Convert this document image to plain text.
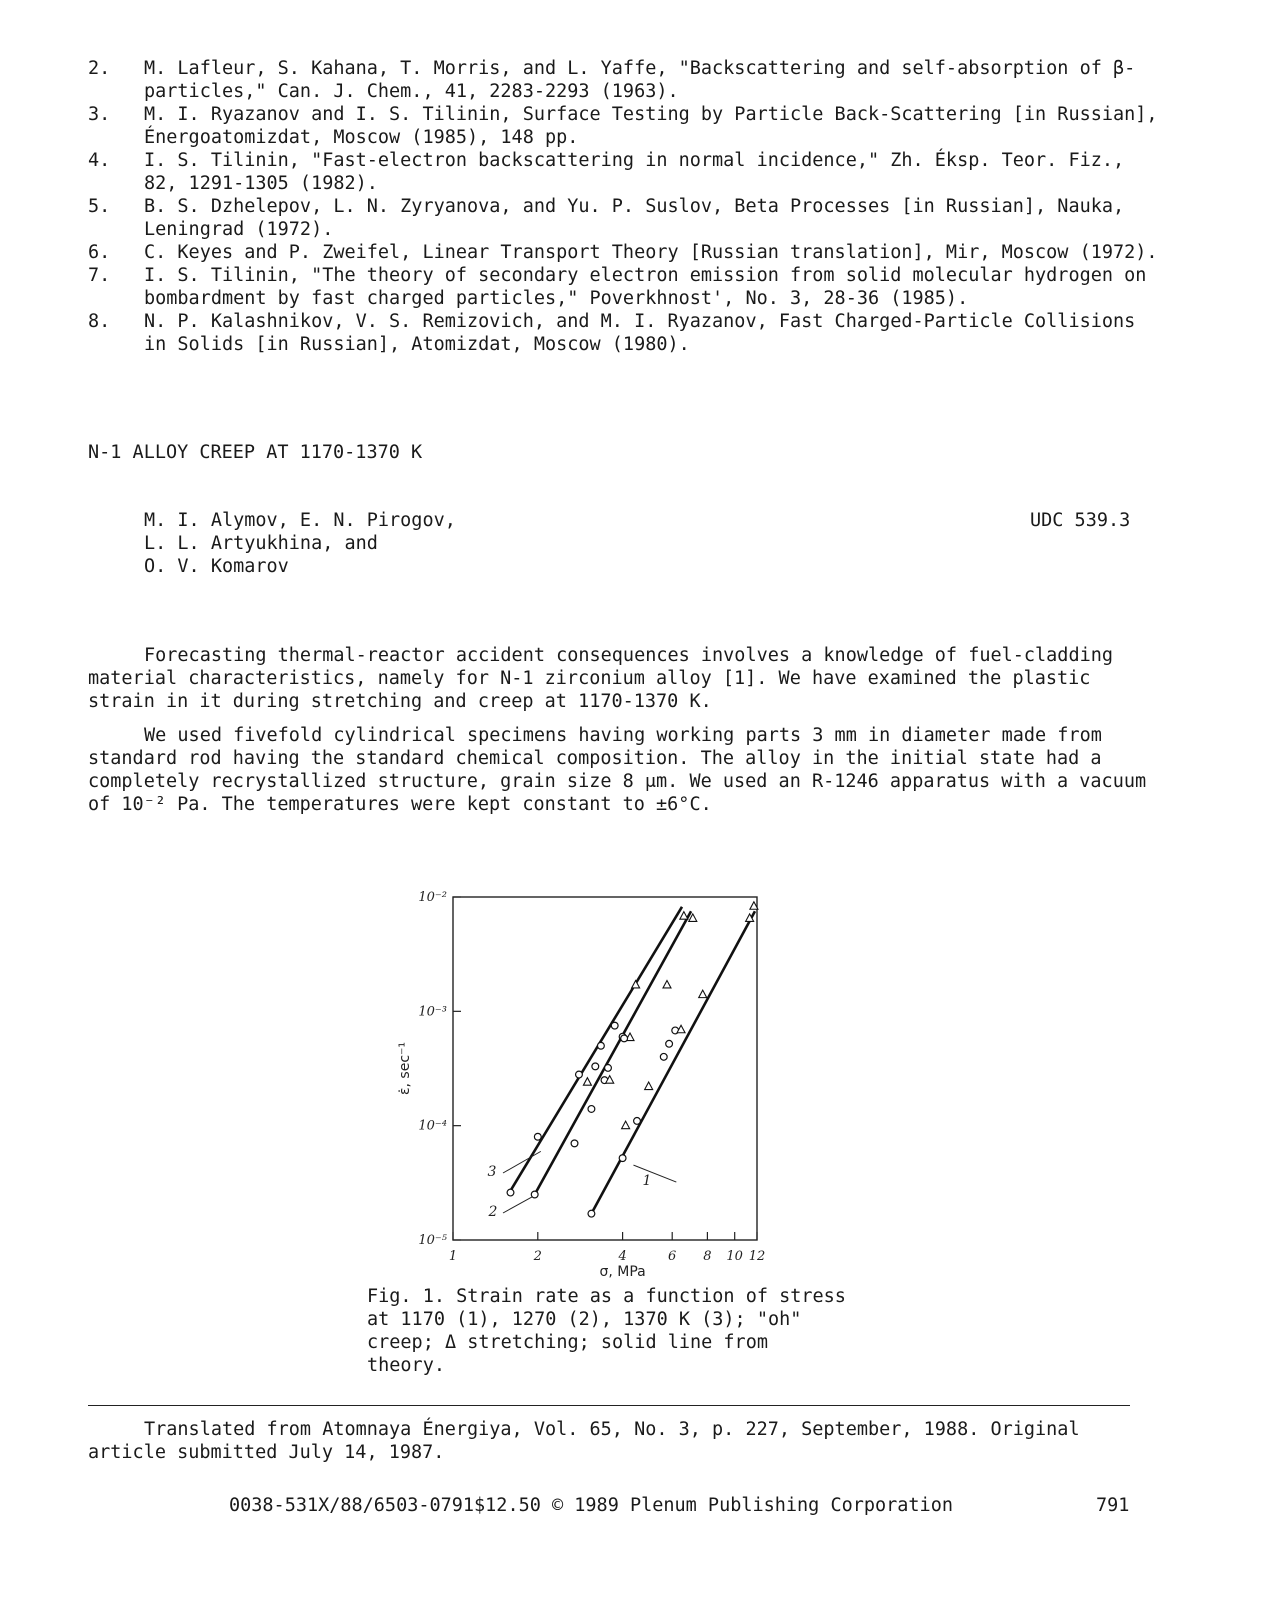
2.	M. Lafleur, S. Kahana, T. Morris, and L. Yaffe, "Backscattering and self-absorption of β-particles," Can. J. Chem., 41, 2283-2293 (1963).
3.	M. I. Ryazanov and I. S. Tilinin, Surface Testing by Particle Back-Scattering [in Russian], Énergoatomizdat, Moscow (1985), 148 pp.
4.	I. S. Tilinin, "Fast-electron backscattering in normal incidence," Zh. Éksp. Teor. Fiz., 82, 1291-1305 (1982).
5.	B. S. Dzhelepov, L. N. Zyryanova, and Yu. P. Suslov, Beta Processes [in Russian], Nauka, Leningrad (1972).
6.	C. Keyes and P. Zweifel, Linear Transport Theory [Russian translation], Mir, Moscow (1972).
7.	I. S. Tilinin, "The theory of secondary electron emission from solid molecular hydrogen on bombardment by fast charged particles," Poverkhnost', No. 3, 28-36 (1985).
8.	N. P. Kalashnikov, V. S. Remizovich, and M. I. Ryazanov, Fast Charged-Particle Collisions in Solids [in Russian], Atomizdat, Moscow (1980).
N-1 ALLOY CREEP AT 1170-1370 K
M. I. Alymov, E. N. Pirogov,
L. L. Artyukhina, and
O. V. Komarov
UDC 539.3

Forecasting thermal-reactor accident consequences involves a knowledge of fuel-cladding material characteristics, namely for N-1 zirconium alloy [1]. We have examined the plastic strain in it during stretching and creep at 1170-1370 K.

We used fivefold cylindrical specimens having working parts 3 mm in diameter made from standard rod having the standard chemical composition. The alloy in the initial state had a completely recrystallized structure, grain size 8 μm. We used an R-1246 apparatus with a vacuum of 10⁻² Pa. The temperatures were kept constant to ±6°C.

1	2	4	6 8 10 12
10⁻⁵
10⁻⁴
10⁻³
10⁻²
σ, MPa
ε̇, sec⁻¹
1
2
3
Fig. 1. Strain rate as a function of stress at 1170 (1), 1270 (2), 1370 K (3); "oh" creep; Δ stretching; solid line from theory.

Translated from Atomnaya Énergiya, Vol. 65, No. 3, p. 227, September, 1988. Original article submitted July 14, 1987.

0038-531X/88/6503-0791$12.50 © 1989 Plenum Publishing Corporation	791
